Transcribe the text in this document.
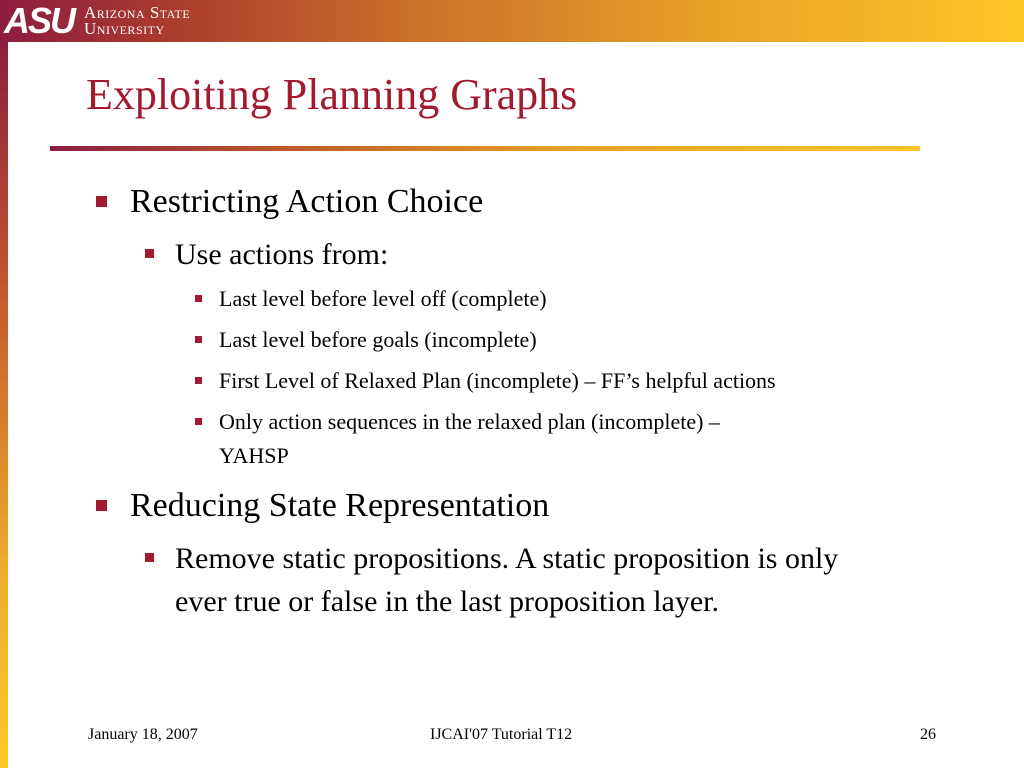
ASU Arizona State
University
Exploiting Planning Graphs
Restricting Action Choice
Use actions from:
Last level before level off (complete)
Last level before goals (incomplete)
First Level of Relaxed Plan (incomplete) – FF’s helpful actions
Only action sequences in the relaxed plan (incomplete) –
YAHSP
Reducing State Representation
Remove static propositions. A static proposition is only
ever true or false in the last proposition layer.
January 18, 2007	IJCAI'07 Tutorial T12	26
